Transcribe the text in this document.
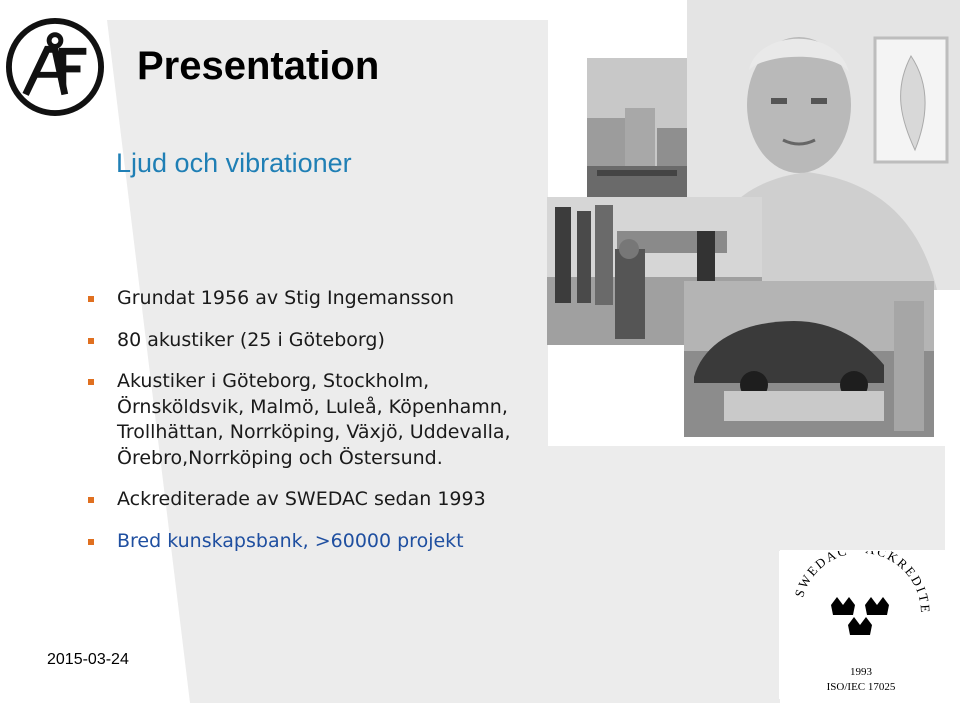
Presentation
Ljud och vibrationer
Grundat 1956 av Stig Ingemansson
80 akustiker (25 i Göteborg)
Akustiker i Göteborg, Stockholm, Örnsköldsvik, Malmö, Luleå, Köpenhamn, Trollhättan, Norrköping, Växjö, Uddevalla, Örebro,Norrköping och Östersund.
Ackrediterade av SWEDAC sedan 1993
Bred kunskapsbank, >60000 projekt
2015-03-24
SWEDAC CKREDITE
1993
ISO/IEC 17025
